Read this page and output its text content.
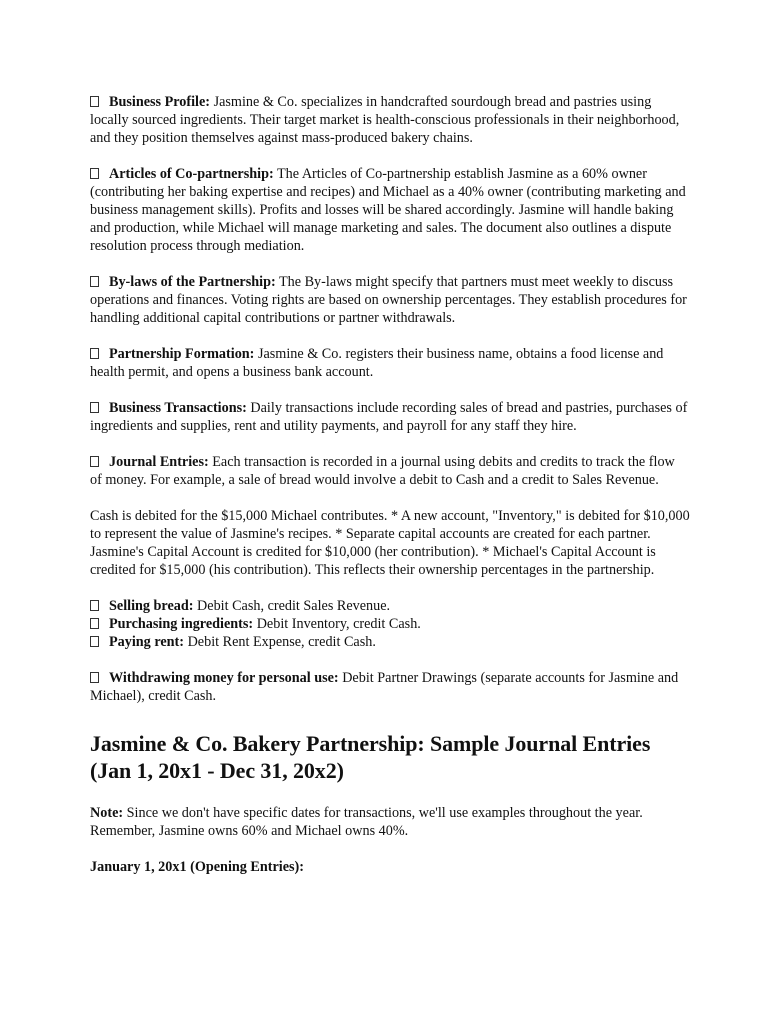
Business Profile: Jasmine & Co. specializes in handcrafted sourdough bread and pastries using locally sourced ingredients. Their target market is health-conscious professionals in their neighborhood, and they position themselves against mass-produced bakery chains.

Articles of Co-partnership: The Articles of Co-partnership establish Jasmine as a 60% owner (contributing her baking expertise and recipes) and Michael as a 40% owner (contributing marketing and business management skills). Profits and losses will be shared accordingly. Jasmine will handle baking and production, while Michael will manage marketing and sales. The document also outlines a dispute resolution process through mediation.

By-laws of the Partnership: The By-laws might specify that partners must meet weekly to discuss operations and finances. Voting rights are based on ownership percentages. They establish procedures for handling additional capital contributions or partner withdrawals.

Partnership Formation: Jasmine & Co. registers their business name, obtains a food license and health permit, and opens a business bank account.

Business Transactions: Daily transactions include recording sales of bread and pastries, purchases of ingredients and supplies, rent and utility payments, and payroll for any staff they hire.

Journal Entries: Each transaction is recorded in a journal using debits and credits to track the flow of money. For example, a sale of bread would involve a debit to Cash and a credit to Sales Revenue.

Cash is debited for the $15,000 Michael contributes. * A new account, "Inventory," is debited for $10,000 to represent the value of Jasmine's recipes. * Separate capital accounts are created for each partner. Jasmine's Capital Account is credited for $10,000 (her contribution). * Michael's Capital Account is credited for $15,000 (his contribution). This reflects their ownership percentages in the partnership.

Selling bread: Debit Cash, credit Sales Revenue.

Purchasing ingredients: Debit Inventory, credit Cash.

Paying rent: Debit Rent Expense, credit Cash.

Withdrawing money for personal use: Debit Partner Drawings (separate accounts for Jasmine and Michael), credit Cash.

Jasmine & Co. Bakery Partnership: Sample Journal Entries (Jan 1, 20x1 - Dec 31, 20x2)

Note: Since we don't have specific dates for transactions, we'll use examples throughout the year. Remember, Jasmine owns 60% and Michael owns 40%.

January 1, 20x1 (Opening Entries):
